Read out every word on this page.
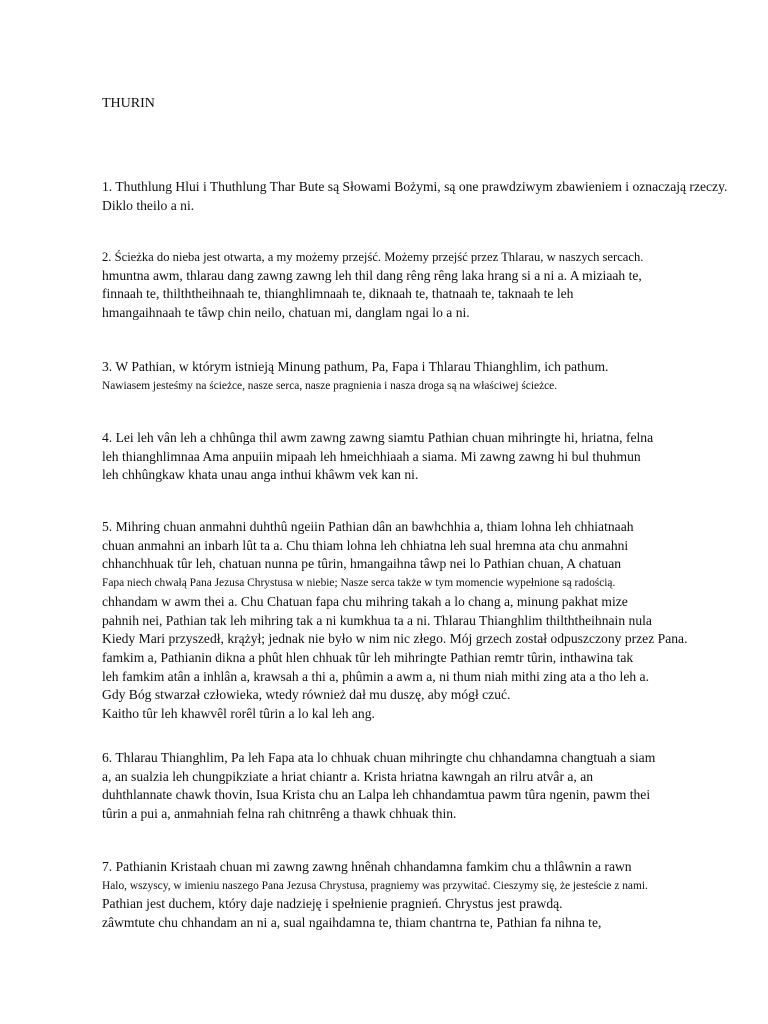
THURIN
1. Thuthlung Hlui i Thuthlung Thar Bute są Słowami Bożymi, są one prawdziwym zbawieniem i oznaczają rzeczy.
Diklo theilo a ni.
2. Ścieżka do nieba jest otwarta, a my możemy przejść. Możemy przejść przez Thlarau, w naszych sercach.
hmuntna awm, thlarau dang zawng zawng leh thil dang rêng rêng laka hrang si a ni a. A miziaah te,
finnaah te, thilththeihnaah te, thianghlimnaah te, diknaah te, thatnaah te, taknaah te leh
hmangaihnaah te tâwp chin neilo, chatuan mi, danglam ngai lo a ni.
3. W Pathian, w którym istnieją Minung pathum, Pa, Fapa i Thlarau Thianghlim, ich pathum.
Nawiasem jesteśmy na ścieżce, nasze serca, nasze pragnienia i nasza droga są na właściwej ścieżce.
4. Lei leh vân leh a chhûnga thil awm zawng zawng siamtu Pathian chuan mihringte hi, hriatna, felna
leh thianghlimnaa Ama anpuiin mipaah leh hmeichhiaah a siama. Mi zawng zawng hi bul thuhmun
leh chhûngkaw khata unau anga inthui khâwm vek kan ni.
5. Mihring chuan anmahni duhthû ngeiin Pathian dân an bawhchhia a, thiam lohna leh chhiatnaah
chuan anmahni an inbarh lût ta a. Chu thiam lohna leh chhiatna leh sual hremna ata chu anmahni
chhanchhuak tûr leh, chatuan nunna pe tûrin, hmangaihna tâwp nei lo Pathian chuan, A chatuan
Fapa niech chwałą Pana Jezusa Chrystusa w niebie; Nasze serca także w tym momencie wypełnione są radością.
chhandam w awm thei a. Chu Chatuan fapa chu mihring takah a lo chang a, minung pakhat mize
pahnih nei, Pathian tak leh mihring tak a ni kumkhua ta a ni. Thlarau Thianghlim thilththeihnain nula
Kiedy Mari przyszedł, krążył; jednak nie było w nim nic złego. Mój grzech został odpuszczony przez Pana.
famkim a, Pathianin dikna a phût hlen chhuak tûr leh mihringte Pathian remtr tûrin, inthawina tak
leh famkim atân a inhlân a, krawsah a thi a, phûmin a awm a, ni thum niah mithi zing ata a tho leh a.
Gdy Bóg stwarzał człowieka, wtedy również dał mu duszę, aby mógł czuć.
Kaitho tûr leh khawvêl rorêl tûrin a lo kal leh ang.
6. Thlarau Thianghlim, Pa leh Fapa ata lo chhuak chuan mihringte chu chhandamna changtuah a siam
a, an sualzia leh chungpikziate a hriat chiantr a. Krista hriatna kawngah an rilru atvâr a, an
duhthlannate chawk thovin, Isua Krista chu an Lalpa leh chhandamtua pawm tûra ngenin, pawm thei
tûrin a pui a, anmahniah felna rah chitnrêng a thawk chhuak thin.
7. Pathianin Kristaah chuan mi zawng zawng hnênah chhandamna famkim chu a thlâwnin a rawn
Halo, wszyscy, w imieniu naszego Pana Jezusa Chrystusa, pragniemy was przywitać. Cieszymy się, że jesteście z nami.
Pathian jest duchem, który daje nadzieję i spełnienie pragnień. Chrystus jest prawdą.
zâwmtute chu chhandam an ni a, sual ngaihdamna te, thiam chantrna te, Pathian fa nihna te,
